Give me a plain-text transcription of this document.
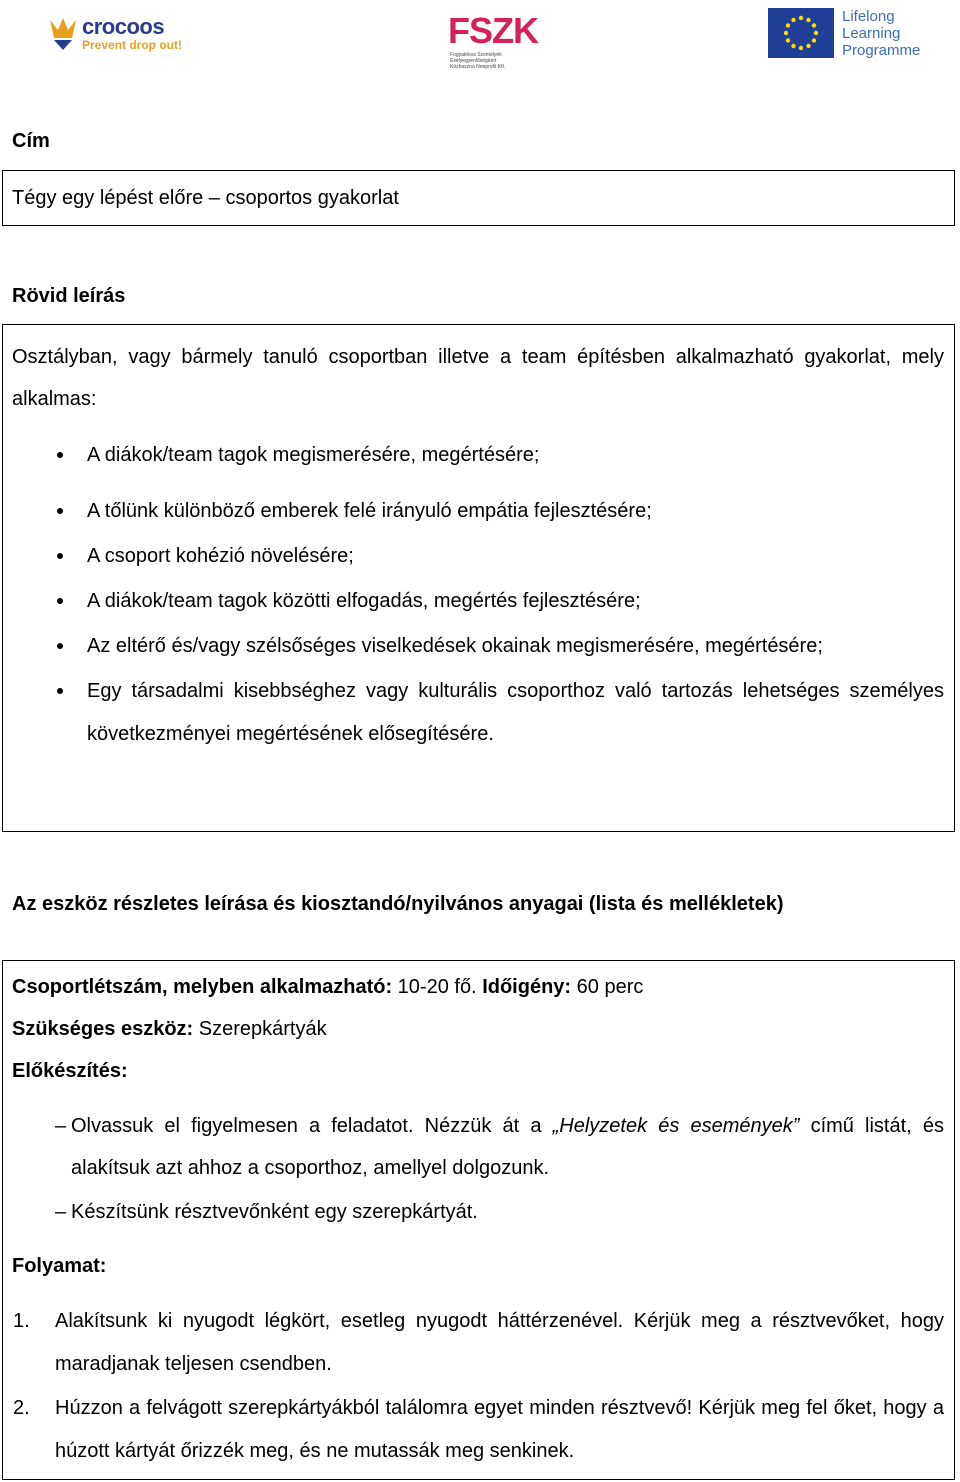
crocoos
Prevent drop out!	FSZK
Fogyatékos Személyek Esélyegyenlőségéért Közhasznú Nonprofit Kft.
Lifelong
Learning
Programme
Cím
Tégy egy lépést előre – csoportos gyakorlat
Rövid leírás
Osztályban, vagy bármely tanuló csoportban illetve a team építésben alkalmazható gyakorlat, mely alkalmas:
A diákok/team tagok megismerésére, megértésére;
A tőlünk különböző emberek felé irányuló empátia fejlesztésére;
A csoport kohézió növelésére;
A diákok/team tagok közötti elfogadás, megértés fejlesztésére;
Az eltérő és/vagy szélsőséges viselkedések okainak megismerésére, megértésére;
Egy társadalmi kisebbséghez vagy kulturális csoporthoz való tartozás lehetséges személyes következményei megértésének elősegítésére.
Az eszköz részletes leírása és kiosztandó/nyilvános anyagai (lista és mellékletek)
Csoportlétszám, melyben alkalmazható: 10-20 fő. Időigény: 60 perc
Szükséges eszköz: Szerepkártyák
Előkészítés:
– Olvassuk el figyelmesen a feladatot. Nézzük át a „Helyzetek és események” című listát, és alakítsuk azt ahhoz a csoporthoz, amellyel dolgozunk.
– Készítsünk résztvevőnként egy szerepkártyát.
Folyamat:
1. Alakítsunk ki nyugodt légkört, esetleg nyugodt háttérzenével. Kérjük meg a résztvevőket, hogy maradjanak teljesen csendben.
2. Húzzon a felvágott szerepkártyákból találomra egyet minden résztvevő! Kérjük meg fel őket, hogy a húzott kártyát őrizzék meg, és ne mutassák meg senkinek.
